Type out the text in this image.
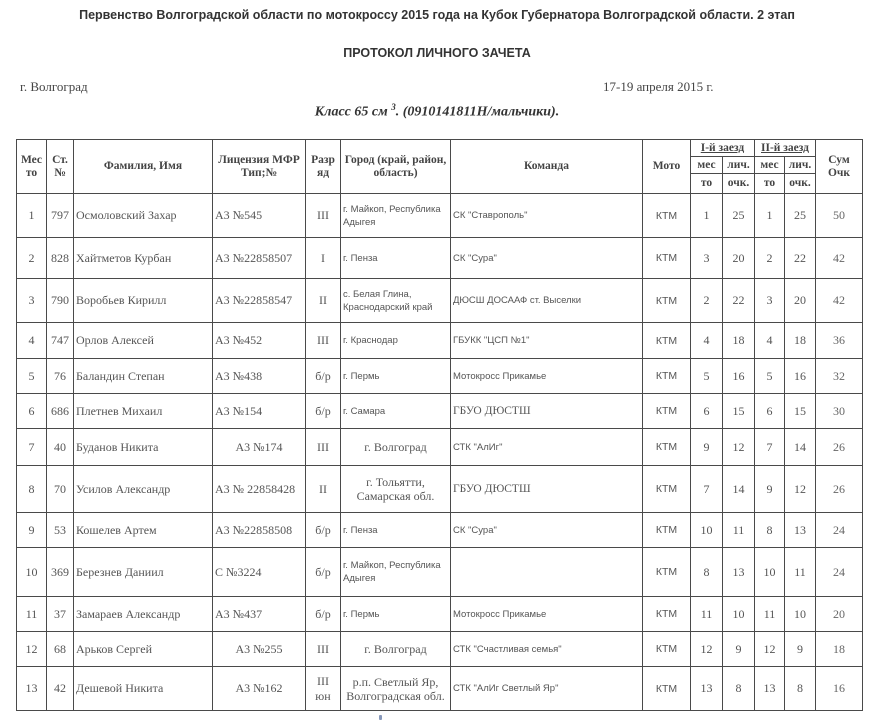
Первенство Волгоградской области по мотокроссу 2015 года на Кубок Губернатора Волгоградской области. 2 этап
ПРОТОКОЛ ЛИЧНОГО ЗАЧЕТА
г. Волгоград	17-19 апреля 2015 г.
Класс 65 см $^3$. (0910141811Н/мальчики).
Мес то	Ст. №	Фамилия, Имя	Лицензия МФР Тип;№	Разр яд	Город (край, район, область)	Команда	Мото	I-й заезд		II-й заезд		Сум Очк
								мес	лич.	мес	лич.	
								то	очк.	то	очк.	
1	797	Осмоловский Захар	А3 №545	III	г. Майкоп, Республика Адыгея	СК "Ставрополь"	КТМ	1	25	1	25	50
2	828	Хайтметов Курбан	А3 №22858507	I	г. Пенза	СК "Сура"	КТМ	3	20	2	22	42
3	790	Воробьев Кирилл	А3 №22858547	II	с. Белая Глина, Краснодарский край	ДЮСШ ДОСААФ ст. Выселки	КТМ	2	22	3	20	42
4	747	Орлов Алексей	А3 №452	III	г. Краснодар	ГБУКК "ЦСП №1"	КТМ	4	18	4	18	36
5	76	Баландин Степан	А3 №438	б/р	г. Пермь	Мотокросс Прикамье	КТМ	5	16	5	16	32
6	686	Плетнев Михаил	А3 №154	б/р	г. Самара	ГБУО ДЮСТШ	КТМ	6	15	6	15	30
7	40	Буданов Никита	А3 №174	III	г. Волгоград	СТК "АлИг"	КТМ	9	12	7	14	26
8	70	Усилов Александр	А3 № 22858428	II	г. Тольятти, Самарская обл.	ГБУО ДЮСТШ	КТМ	7	14	9	12	26
9	53	Кошелев Артем	А3 №22858508	б/р	г. Пенза	СК "Сура"	КТМ	10	11	8	13	24
10	369	Березнев Даниил	С №3224	б/р	г. Майкоп, Республика Адыгея		КТМ	8	13	10	11	24
11	37	Замараев Александр	А3 №437	б/р	г. Пермь	Мотокросс Прикамье	КТМ	11	10	11	10	20
12	68	Арьков Сергей	А3 №255	III	г. Волгоград	СТК "Счастливая семья"	КТМ	12	9	12	9	18
13	42	Дешевой Никита	А3 №162	III юн	р.п. Светлый Яр, Волгоградская обл.	СТК "АлИг Светлый Яр"	КТМ	13	8	13	8	16
